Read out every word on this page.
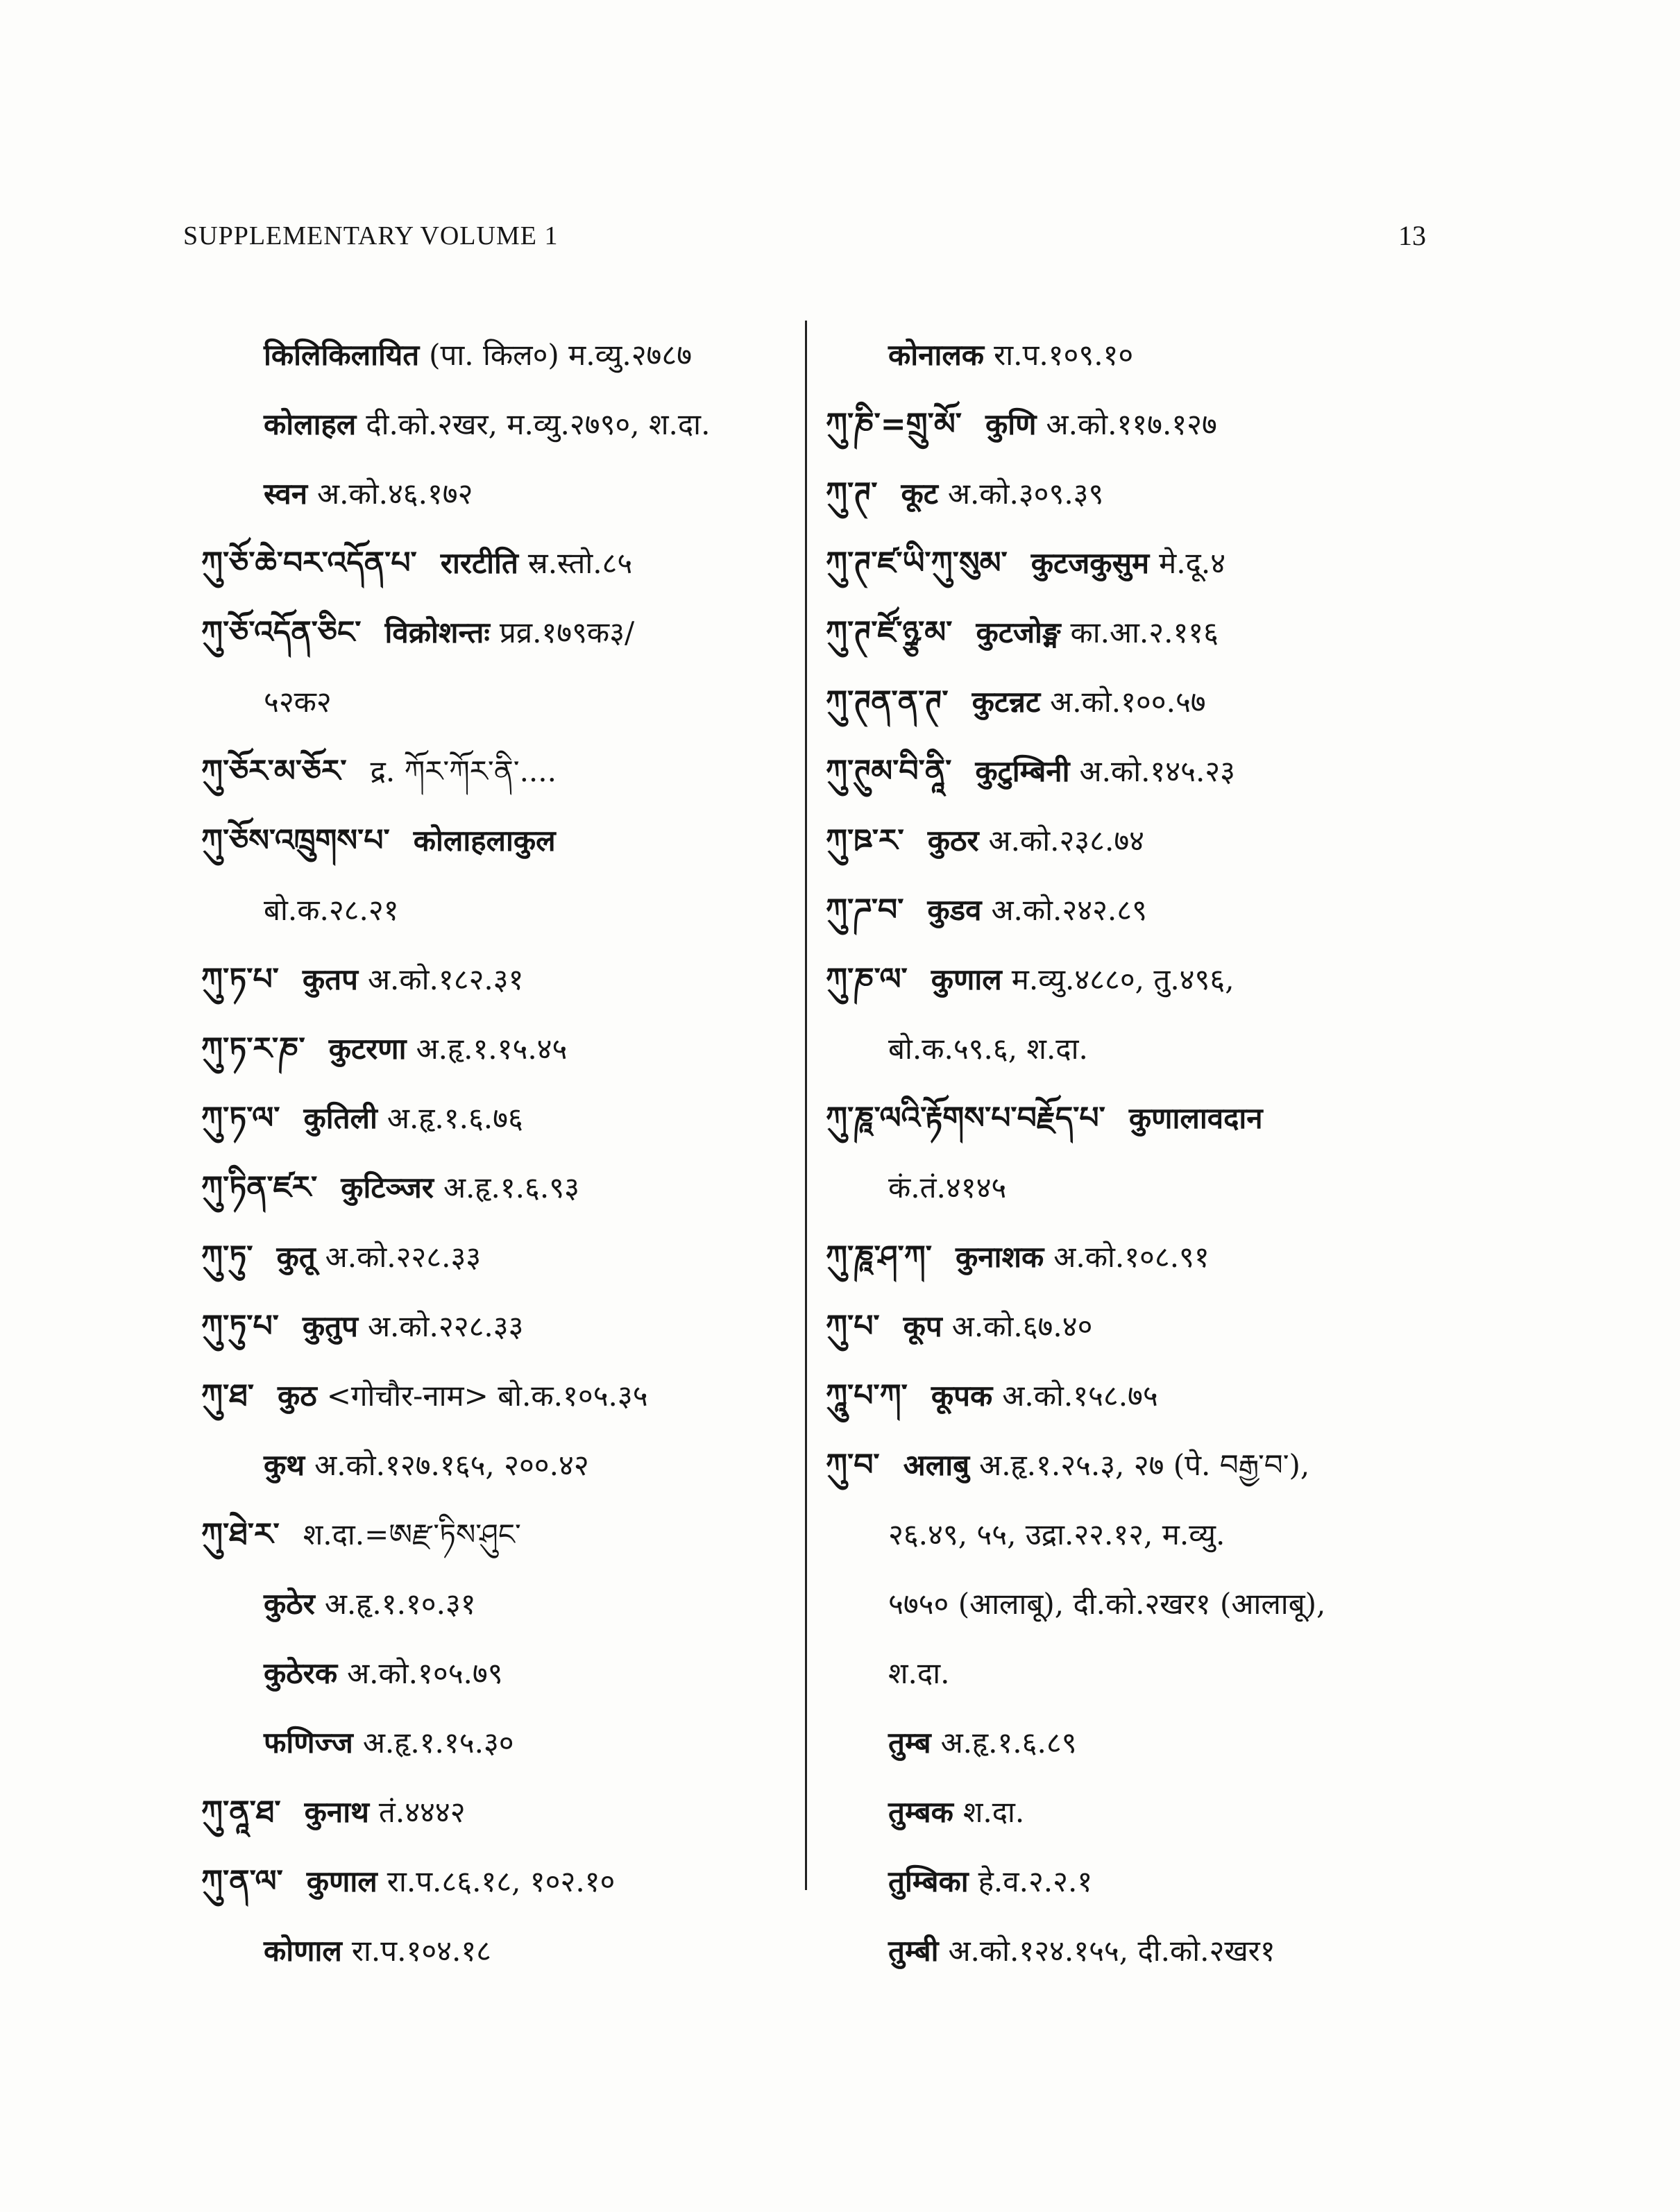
SUPPLEMENTARY VOLUME 1	13
किलिकिलायित (पा. किल०) म.व्यु.२७८७
कोलाहल दी.को.२खर, म.व्यु.२७९०, श.दा.
स्वन अ.को.४६.१७२
ཀུ་ཅོ་ཆེ་བར་འདོན་པ་ रारटीति स्र.स्तो.८५
ཀུ་ཅོ་འདོན་ཅིང་ विक्रोशन्तः प्रव्र.१७९क३/
५२क२
ཀུ་ཅོར་མ་ཅོར་ द्र. ཀོར་ཀོར་ནི་....
ཀུ་ཅོས་འཁྲུགས་པ་ कोलाहलाकुल
बो.क.२८.२१
ཀུ་ཏ་པ་ कुतप अ.को.१८२.३१
ཀུ་ཏ་ར་ཎ་ कुटरणा अ.हृ.१.१५.४५
ཀུ་ཏ་ལ་ कुतिली अ.हृ.१.६.७६
ཀུ་ཏིན་ཛར་ कुटिञ्जर अ.हृ.१.६.९३
ཀུ་ཏུ་ कुतू अ.को.२२८.३३
ཀུ་ཏུ་པ་ कुतुप अ.को.२२८.३३
ཀུ་ཐ་ कुठ <गोचौर-नाम> बो.क.१०५.३५
कुथ अ.को.१२७.१६५, २००.४२
ཀུ་ཐེ་ར་ श.दा.=ཨརྫ་ཏིས་ཤུང་
कुठेर अ.हृ.१.१०.३१
कुठेरक अ.को.१०५.७९
फणिज्ज अ.हृ.१.१५.३०
ཀུ་ནཱ་ཐ་ कुनाथ तं.४४४२
ཀུ་ན་ལ་ कुणाल रा.प.८६.१८, १०२.१०
कोणाल रा.प.१०४.१८
कोनालक रा.प.१०९.१०
ཀུ་ཎི་=གྲུ་མོ་ कुणि अ.को.११७.१२७
ཀུ་ཊ་ कूट अ.को.३०९.३९
ཀུ་ཊ་ཛ་ཡི་ཀུ་སུམ་ कुटजकुसुम मे.दू.४
ཀུ་ཊ་ཛོ་ཉྩ་མ་ कुटजोङ्म का.आ.२.११६
ཀུ་ཊན་ན་ཊ་ कुटन्नट अ.को.१००.५७
ཀུ་ཊུམ་བི་ནཱི་ कुटुम्बिनी अ.को.१४५.२३
ཀུ་ཋ་ར་ कुठर अ.को.२३८.७४
ཀུ་ཌ་བ་ कुडव अ.को.२४२.८९
ཀུ་ཎ་ལ་ कुणाल म.व्यु.४८८०, तु.४९६,
बो.क.५९.६, श.दा.
ཀུ་ཎཱ་ལའི་རྟོགས་པ་བརྗོད་པ་ कुणालावदान
कं.तं.४१४५
ཀུ་ཎཱ་ཤ་ཀ་ कुनाशक अ.को.१०८.९१
ཀུ་པ་ कूप अ.को.६७.४०
ཀཱུ་པ་ཀ་ कूपक अ.को.१५८.७५
ཀུ་བ་ अलाबु अ.हृ.१.२५.३, २७ (पे. བརྒྱ་བ་),
२६.४९, ५५, उद्रा.२२.१२, म.व्यु.
५७५० (आलाबू), दी.को.२खर१ (आलाबू),
श.दा.
तुम्ब अ.हृ.१.६.८९
तुम्बक श.दा.
तुम्बिका हे.व.२.२.१
तुम्बी अ.को.१२४.१५५, दी.को.२खर१
